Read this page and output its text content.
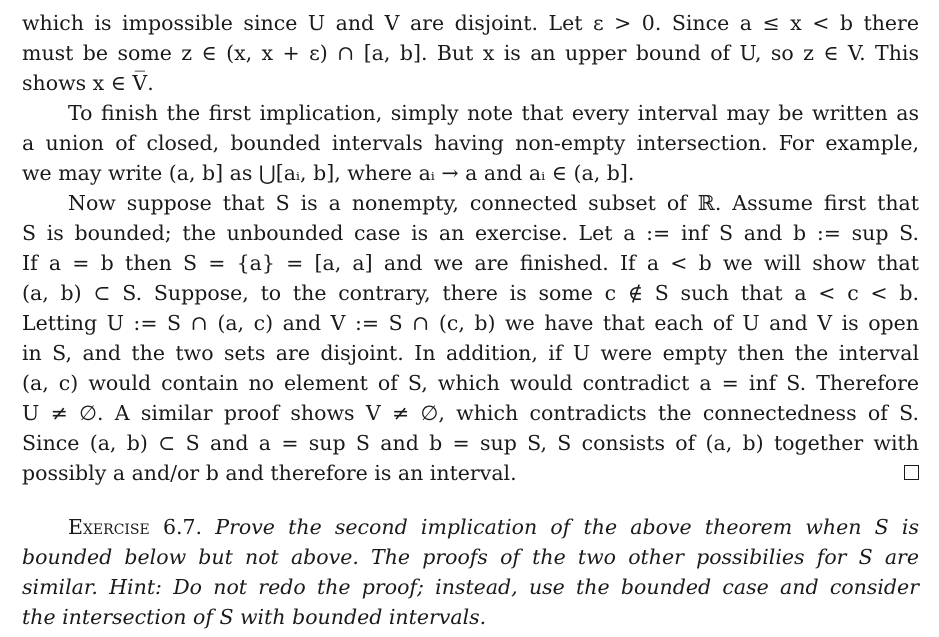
which is impossible since U and V are disjoint. Let ε > 0. Since a ≤ x < b there
must be some z ∈ (x, x + ε) ∩ [a, b]. But x is an upper bound of U, so z ∈ V. This
shows x ∈ V̅.
To finish the first implication, simply note that every interval may be written as
a union of closed, bounded intervals having non-empty intersection. For example,
we may write (a, b] as ⋃[aᵢ, b], where aᵢ → a and aᵢ ∈ (a, b].
Now suppose that S is a nonempty, connected subset of ℝ. Assume first that
S is bounded; the unbounded case is an exercise. Let a := inf S and b := sup S.
If a = b then S = {a} = [a, a] and we are finished. If a < b we will show that
(a, b) ⊂ S. Suppose, to the contrary, there is some c ∉ S such that a < c < b.
Letting U := S ∩ (a, c) and V := S ∩ (c, b) we have that each of U and V is open
in S, and the two sets are disjoint. In addition, if U were empty then the interval
(a, c) would contain no element of S, which would contradict a = inf S. Therefore
U ≠ ∅. A similar proof shows V ≠ ∅, which contradicts the connectedness of S.
Since (a, b) ⊂ S and a = sup S and b = sup S, S consists of (a, b) together with
possibly a and/or b and therefore is an interval.
Exercise 6.7. Prove the second implication of the above theorem when S is
bounded below but not above. The proofs of the two other possibilies for S are
similar. Hint: Do not redo the proof; instead, use the bounded case and consider
the intersection of S with bounded intervals.
